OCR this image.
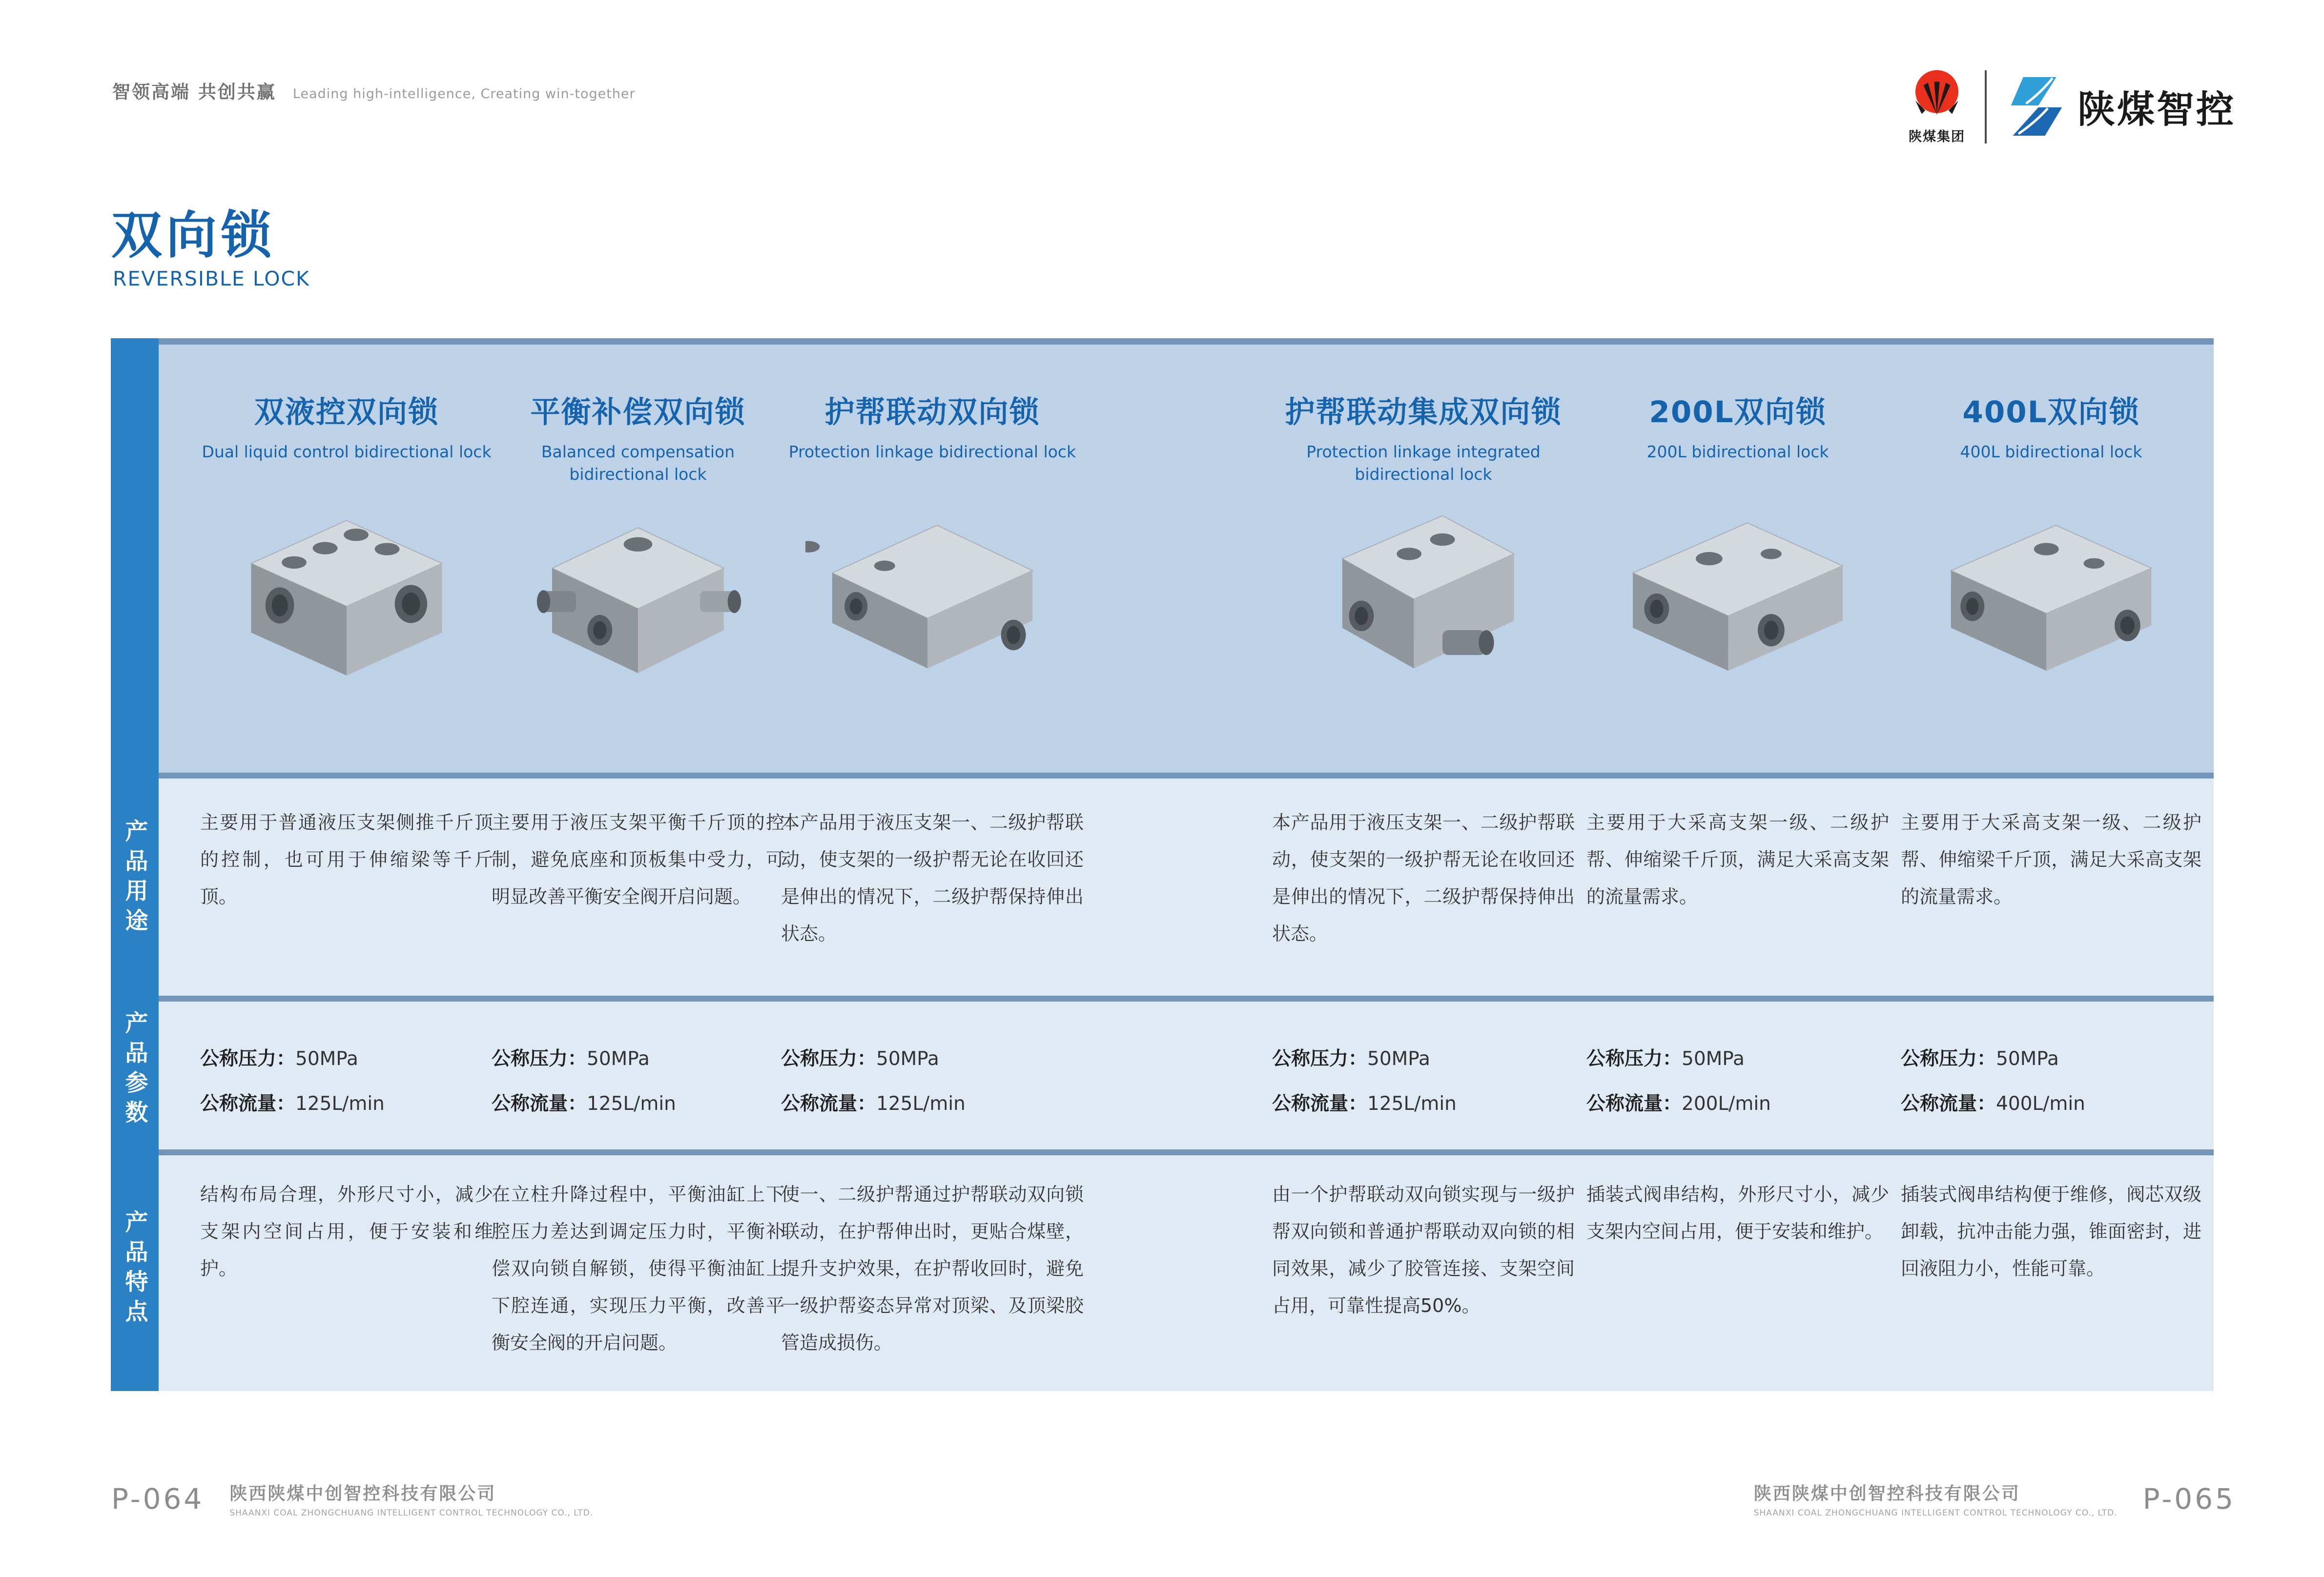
智领高端 共创共赢 Leading high-intelligence, Creating win-together
陕煤集团
陕煤智控
双向锁
REVERSIBLE LOCK
产品用途
产品参数
产品特点
双液控双向锁
Dual liquid control bidirectional lock
平衡补偿双向锁
Balanced compensation bidirectional lock
护帮联动双向锁
Protection linkage bidirectional lock
护帮联动集成双向锁
Protection linkage integrated bidirectional lock
200L双向锁
200L bidirectional lock
400L双向锁
400L bidirectional lock
主要用于普通液压支架侧推千斤顶的控制，也可用于伸缩梁等千斤顶。
主要用于液压支架平衡千斤顶的控制，避免底座和顶板集中受力，可明显改善平衡安全阀开启问题。
本产品用于液压支架一、二级护帮联动，使支架的一级护帮无论在收回还是伸出的情况下，二级护帮保持伸出状态。
本产品用于液压支架一、二级护帮联动，使支架的一级护帮无论在收回还是伸出的情况下，二级护帮保持伸出状态。
主要用于大采高支架一级、二级护帮、伸缩梁千斤顶，满足大采高支架的流量需求。
主要用于大采高支架一级、二级护帮、伸缩梁千斤顶，满足大采高支架的流量需求。
公称压力：50MPa
公称流量：125L/min
公称压力：50MPa
公称流量：125L/min
公称压力：50MPa
公称流量：125L/min
公称压力：50MPa
公称流量：125L/min
公称压力：50MPa
公称流量：200L/min
公称压力：50MPa
公称流量：400L/min
结构布局合理，外形尺寸小，减少支架内空间占用，便于安装和维护。
在立柱升降过程中，平衡油缸上下腔压力差达到调定压力时，平衡补偿双向锁自解锁，使得平衡油缸上下腔连通，实现压力平衡，改善平衡安全阀的开启问题。
使一、二级护帮通过护帮联动双向锁联动，在护帮伸出时，更贴合煤壁，提升支护效果，在护帮收回时，避免一级护帮姿态异常对顶梁、及顶梁胶管造成损伤。
由一个护帮联动双向锁实现与一级护帮双向锁和普通护帮联动双向锁的相同效果，减少了胶管连接、支架空间占用，可靠性提高50%。
插装式阀串结构，外形尺寸小，减少支架内空间占用，便于安装和维护。
插装式阀串结构便于维修，阀芯双级卸载，抗冲击能力强，锥面密封，进回液阻力小，性能可靠。
P-064 陕西陕煤中创智控科技有限公司
SHAANXI COAL ZHONGCHUANG INTELLIGENT CONTROL TECHNOLOGY CO., LTD.
陕西陕煤中创智控科技有限公司
SHAANXI COAL ZHONGCHUANG INTELLIGENT CONTROL TECHNOLOGY CO., LTD. P-065
